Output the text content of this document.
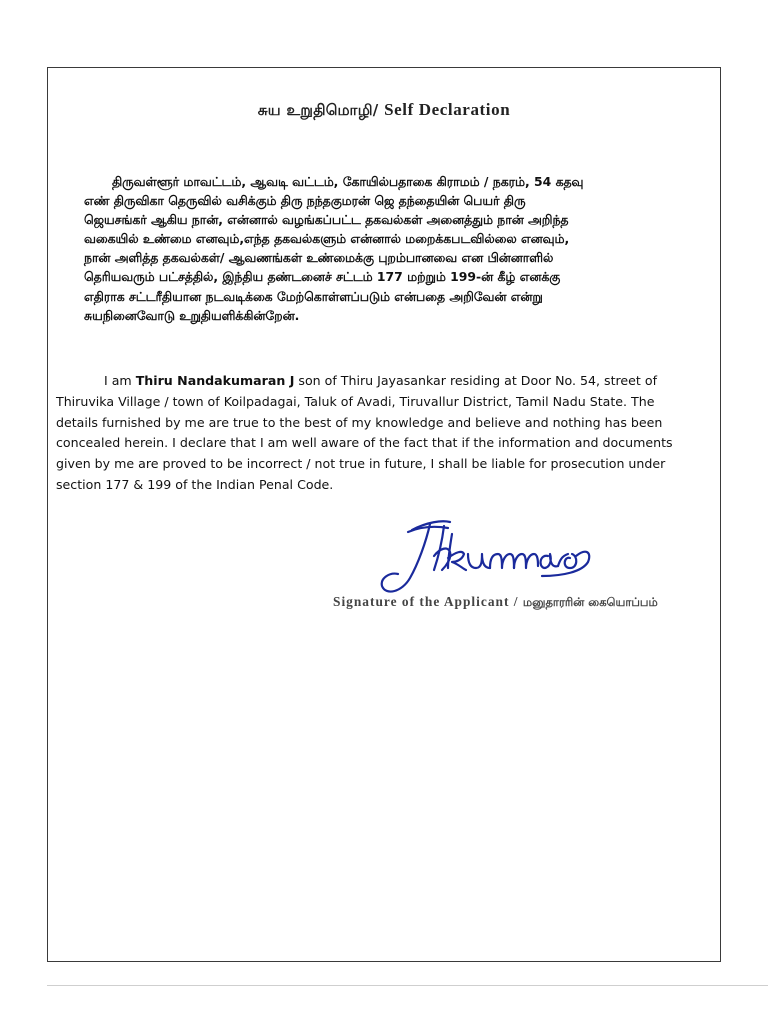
சுய உறுதிமொழி/ Self Declaration
திருவள்ளூர் மாவட்டம், ஆவடி வட்டம், கோயில்பதாகை கிராமம் / நகரம், 54 கதவு
எண் திருவிகா தெருவில் வசிக்கும் திரு நந்தகுமரன் ஜெ தந்தையின் பெயர் திரு
ஜெயசங்கர் ஆகிய நான், என்னால் வழங்கப்பட்ட தகவல்கள் அனைத்தும் நான் அறிந்த
வகையில் உண்மை எனவும்,எந்த தகவல்களும் என்னால் மறைக்கபடவில்லை எனவும்,
நான் அளித்த தகவல்கள்/ ஆவணங்கள் உண்மைக்கு புறம்பானவை என பின்னாளில்
தெரியவரும் பட்சத்தில், இந்திய தண்டனைச் சட்டம் 177 மற்றும் 199-ன் கீழ் எனக்கு
எதிராக சட்டரீதியான நடவடிக்கை மேற்கொள்ளப்படும் என்பதை அறிவேன் என்று
சுயநினைவோடு உறுதியளிக்கின்றேன்.
I am Thiru Nandakumaran J son of Thiru Jayasankar residing at Door No. 54, street of
Thiruvika Village / town of Koilpadagai, Taluk of Avadi, Tiruvallur District, Tamil Nadu State. The
details furnished by me are true to the best of my knowledge and believe and nothing has been
concealed herein. I declare that I am well aware of the fact that if the information and documents
given by me are proved to be incorrect / not true in future, I shall be liable for prosecution under
section 177 & 199 of the Indian Penal Code.
Signature of the Applicant / மனுதாரரின் கையொப்பம்
